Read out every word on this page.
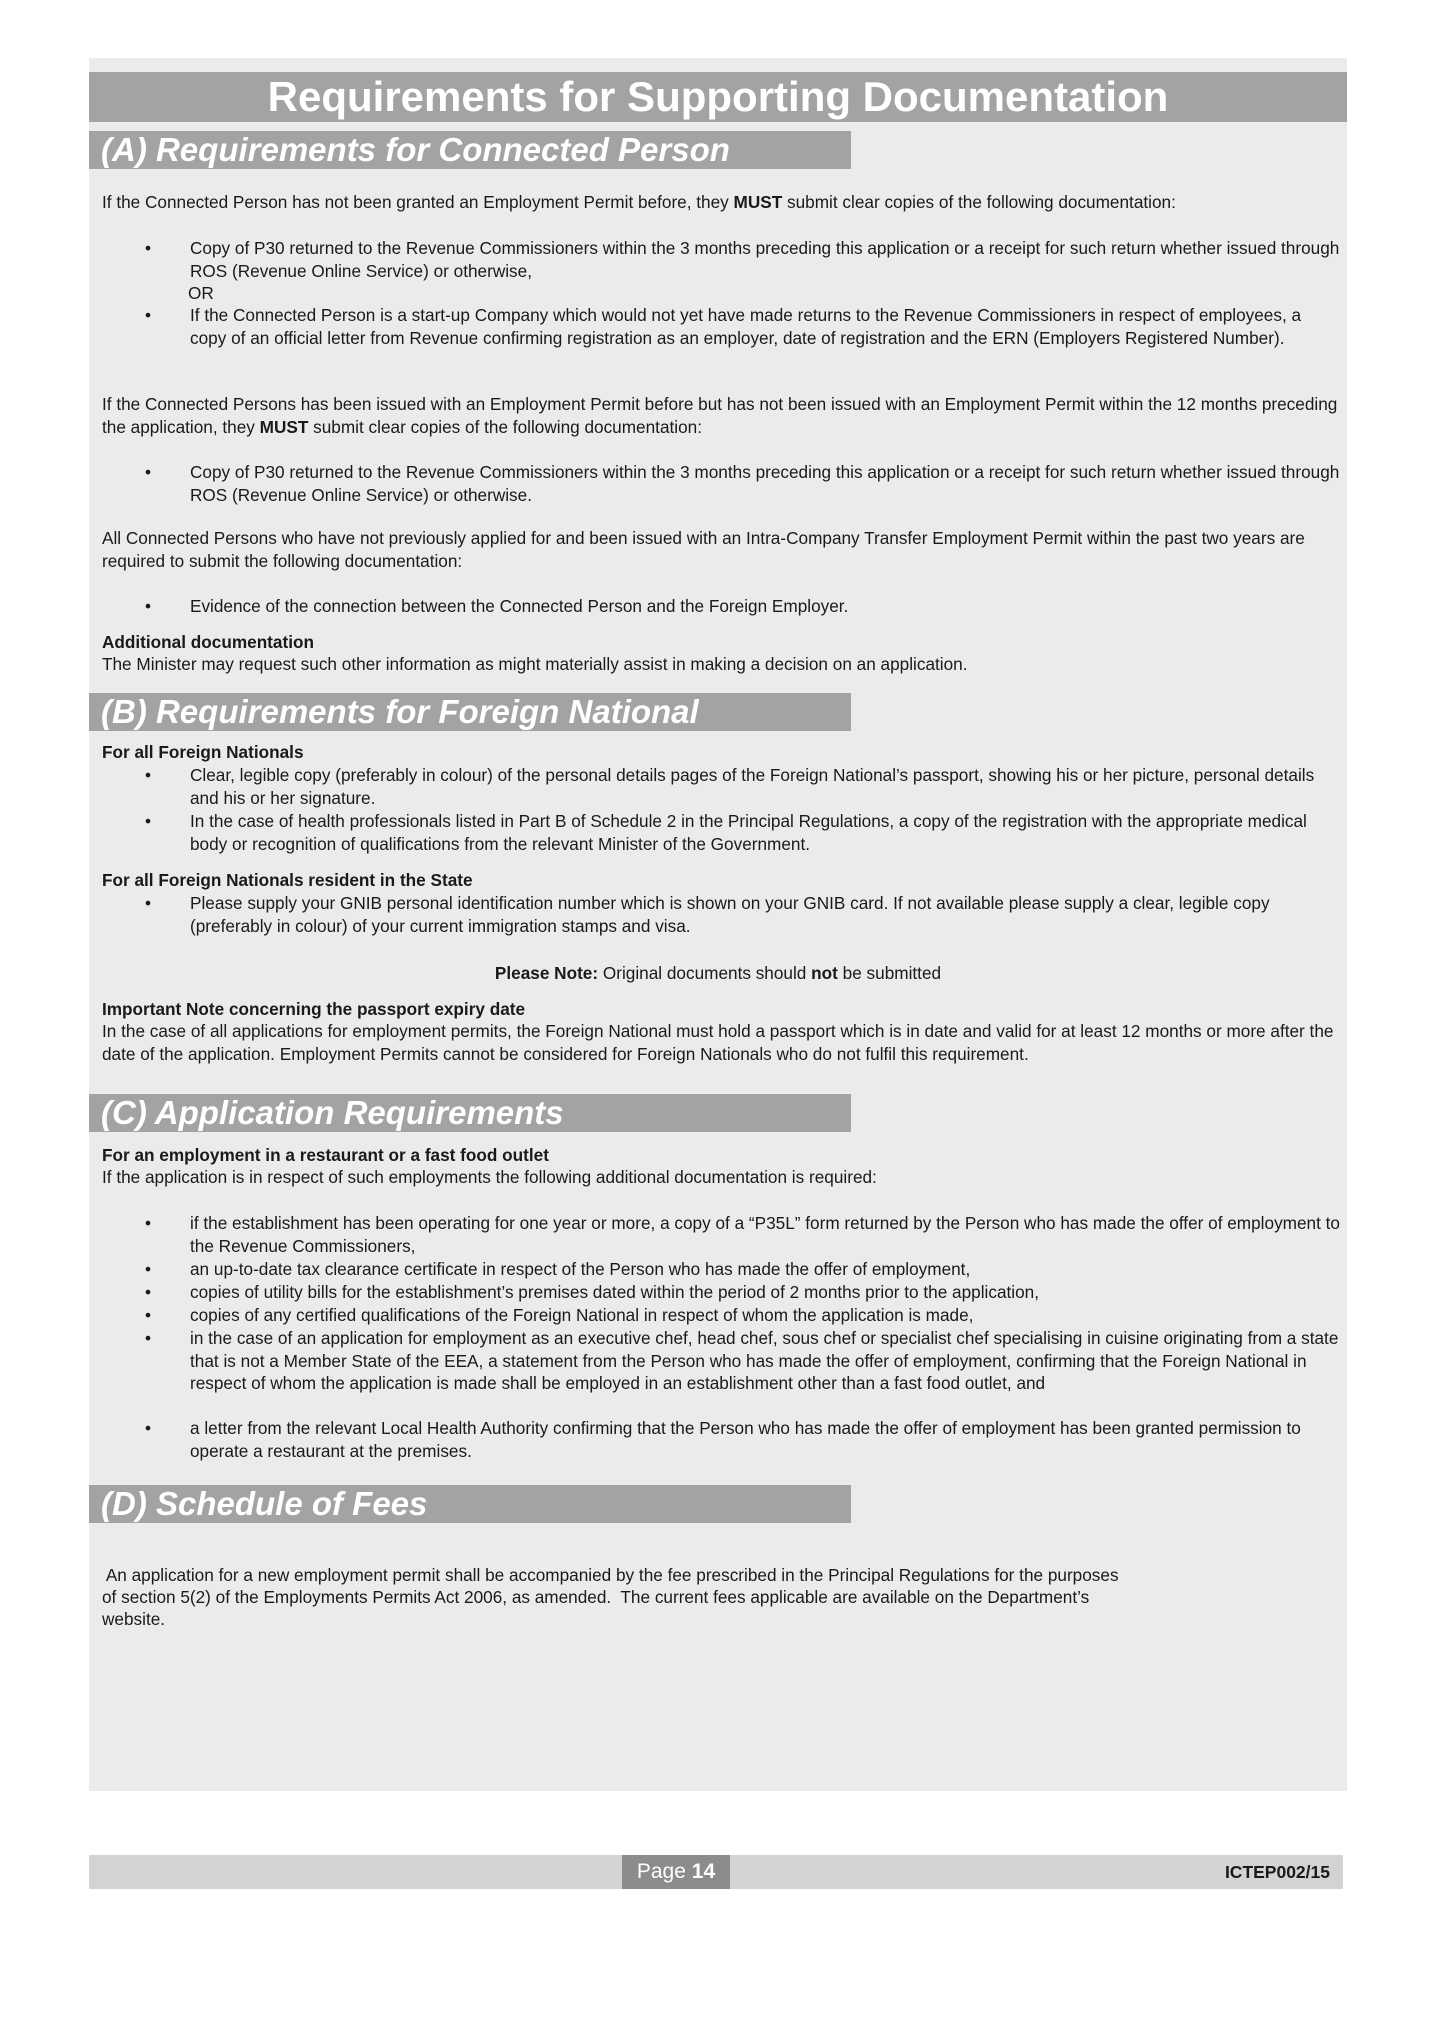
Requirements for Supporting Documentation
(A) Requirements for Connected Person
If the Connected Person has not been granted an Employment Permit before, they MUST submit clear copies of the following documentation:
• Copy of P30 returned to the Revenue Commissioners within the 3 months preceding this application or a receipt for such return whether issued through ROS (Revenue Online Service) or otherwise,
OR
• If the Connected Person is a start-up Company which would not yet have made returns to the Revenue Commissioners in respect of employees, a copy of an official letter from Revenue confirming registration as an employer, date of registration and the ERN (Employers Registered Number).
If the Connected Persons has been issued with an Employment Permit before but has not been issued with an Employment Permit within the 12 months preceding the application, they MUST submit clear copies of the following documentation:
• Copy of P30 returned to the Revenue Commissioners within the 3 months preceding this application or a receipt for such return whether issued through ROS (Revenue Online Service) or otherwise.
All Connected Persons who have not previously applied for and been issued with an Intra-Company Transfer Employment Permit within the past two years are required to submit the following documentation:
• Evidence of the connection between the Connected Person and the Foreign Employer.
Additional documentation
The Minister may request such other information as might materially assist in making a decision on an application.
(B) Requirements for Foreign National
For all Foreign Nationals
• Clear, legible copy (preferably in colour) of the personal details pages of the Foreign National’s passport, showing his or her picture, personal details and his or her signature.
• In the case of health professionals listed in Part B of Schedule 2 in the Principal Regulations, a copy of the registration with the appropriate medical body or recognition of qualifications from the relevant Minister of the Government.
For all Foreign Nationals resident in the State
• Please supply your GNIB personal identification number which is shown on your GNIB card. If not available please supply a clear, legible copy (preferably in colour) of your current immigration stamps and visa.
Please Note: Original documents should not be submitted
Important Note concerning the passport expiry date
In the case of all applications for employment permits, the Foreign National must hold a passport which is in date and valid for at least 12 months or more after the date of the application. Employment Permits cannot be considered for Foreign Nationals who do not fulfil this requirement.
(C) Application Requirements
For an employment in a restaurant or a fast food outlet
If the application is in respect of such employments the following additional documentation is required:
• if the establishment has been operating for one year or more, a copy of a “P35L” form returned by the Person who has made the offer of employment to the Revenue Commissioners,
• an up-to-date tax clearance certificate in respect of the Person who has made the offer of employment,
• copies of utility bills for the establishment’s premises dated within the period of 2 months prior to the application,
• copies of any certified qualifications of the Foreign National in respect of whom the application is made,
• in the case of an application for employment as an executive chef, head chef, sous chef or specialist chef specialising in cuisine originating from a state that is not a Member State of the EEA, a statement from the Person who has made the offer of employment, confirming that the Foreign National in respect of whom the application is made shall be employed in an establishment other than a fast food outlet, and
• a letter from the relevant Local Health Authority confirming that the Person who has made the offer of employment has been granted permission to operate a restaurant at the premises.
(D) Schedule of Fees
An application for a new employment permit shall be accompanied by the fee prescribed in the Principal Regulations for the purposes
of section 5(2) of the Employments Permits Act 2006, as amended.  The current fees applicable are available on the Department’s
website.
Page 14	ICTEP002/15
